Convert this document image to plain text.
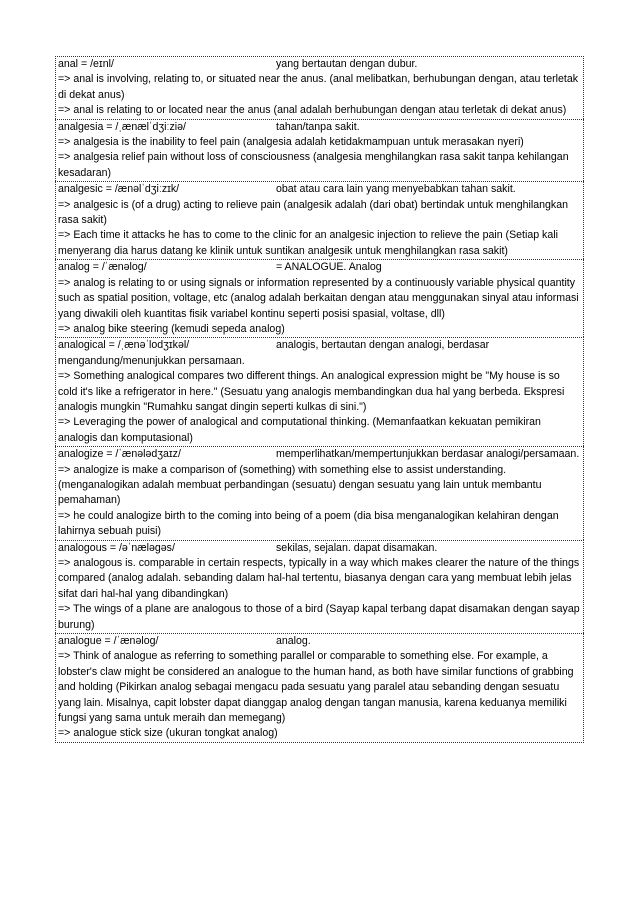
anal = /eɪnl/	yang bertautan dengan dubur.
=> anal is involving, relating to, or situated near the anus. (anal melibatkan, berhubungan dengan, atau terletak di dekat anus)
=> anal is relating to or located near the anus (anal adalah berhubungan dengan atau terletak di dekat anus)
analgesia = /ˌænælˈdʒiːziə/	tahan/tanpa sakit.
=> analgesia is the inability to feel pain (analgesia adalah ketidakmampuan untuk merasakan nyeri)
=> analgesia relief pain without loss of consciousness (analgesia menghilangkan rasa sakit tanpa kehilangan kesadaran)
analgesic = /ænəlˈdʒiːzɪk/	obat atau cara lain yang menyebabkan tahan sakit.
=> analgesic is (of a drug) acting to relieve pain (analgesik adalah (dari obat) bertindak untuk menghilangkan rasa sakit)
=> Each time it attacks he has to come to the clinic for an analgesic injection to relieve the pain (Setiap kali menyerang dia harus datang ke klinik untuk suntikan analgesik untuk menghilangkan rasa sakit)
analog = /ˈænəlog/	= ANALOGUE. Analog
=> analog is relating to or using signals or information represented by a continuously variable physical quantity such as spatial position, voltage, etc (analog adalah berkaitan dengan atau menggunakan sinyal atau informasi yang diwakili oleh kuantitas fisik variabel kontinu seperti posisi spasial, voltase, dll)
=> analog bike steering (kemudi sepeda analog)
analogical = /ˌænəˈlodʒɪkəl/	analogis, bertautan dengan analogi, berdasar mengandung/menunjukkan persamaan.
=> Something analogical compares two different things. An analogical expression might be "My house is so cold it's like a refrigerator in here." (Sesuatu yang analogis membandingkan dua hal yang berbeda. Ekspresi analogis mungkin "Rumahku sangat dingin seperti kulkas di sini.")
=> Leveraging the power of analogical and computational thinking. (Memanfaatkan kekuatan pemikiran analogis dan komputasional)
analogize = /ˈænələdʒaɪz/	memperlihatkan/mempertunjukkan berdasar analogi/persamaan.
=> analogize is make a comparison of (something) with something else to assist understanding. (menganalogikan adalah membuat perbandingan (sesuatu) dengan sesuatu yang lain untuk membantu pemahaman)
=> he could analogize birth to the coming into being of a poem (dia bisa menganalogikan kelahiran dengan lahirnya sebuah puisi)
analogous = /əˈnæləgəs/	sekilas, sejalan. dapat disamakan.
=> analogous is. comparable in certain respects, typically in a way which makes clearer the nature of the things compared (analog adalah. sebanding dalam hal-hal tertentu, biasanya dengan cara yang membuat lebih jelas sifat dari hal-hal yang dibandingkan)
=> The wings of a plane are analogous to those of a bird (Sayap kapal terbang dapat disamakan dengan sayap
burung)
analogue = /ˈænəlog/	analog.
=> Think of analogue as referring to something parallel or comparable to something else. For example, a lobster's claw might be considered an analogue to the human hand, as both have similar functions of grabbing and holding (Pikirkan analog sebagai mengacu pada sesuatu yang paralel atau sebanding dengan sesuatu yang lain. Misalnya, capit lobster dapat dianggap analog dengan tangan manusia, karena keduanya memiliki fungsi yang sama untuk meraih dan memegang)
=> analogue stick size (ukuran tongkat analog)
